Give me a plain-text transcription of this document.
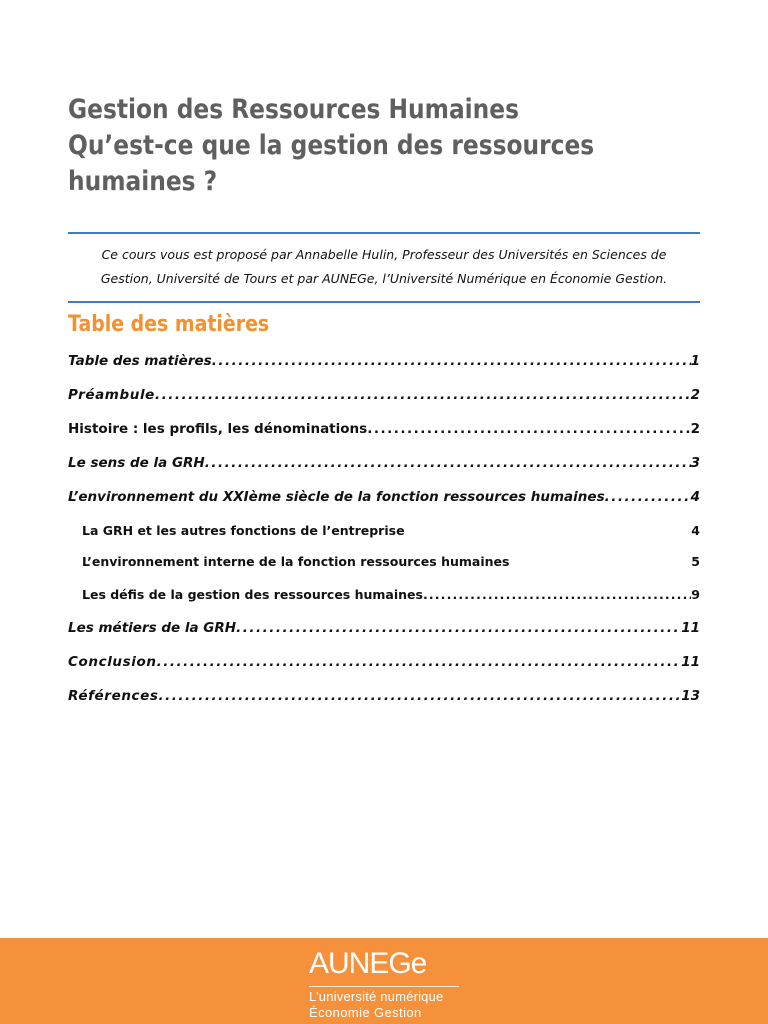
Gestion des Ressources Humaines
Qu’est-ce que la gestion des ressources
humaines ?
Ce cours vous est proposé par Annabelle Hulin, Professeur des Universités en Sciences de
Gestion, Université de Tours et par AUNEGe, l’Université Numérique en Économie Gestion.
Table des matières
Table des matières . . .	1
Préambule . . .	2
Histoire : les profils, les dénominations . . .	2
Le sens de la GRH . . .	3
L’environnement du XXIème siècle de la fonction ressources humaines . . .	4
La GRH et les autres fonctions de l’entreprise	4
L’environnement interne de la fonction ressources humaines	5
Les défis de la gestion des ressources humaines . . .	9
Les métiers de la GRH . . .	11
Conclusion . . .	11
Références . . .	13
AUNEGe
L’université numérique
Économie Gestion
